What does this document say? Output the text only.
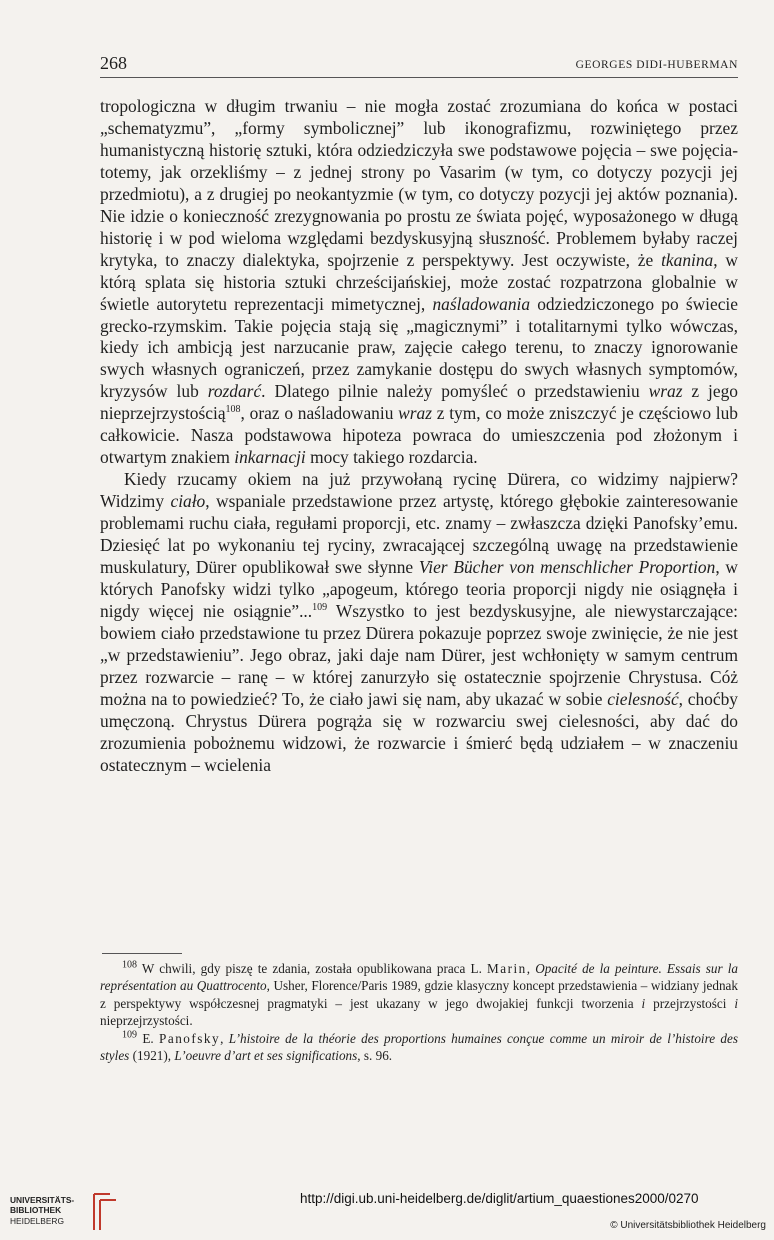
268	GEORGES DIDI-HUBERMAN

tropologiczna w długim trwaniu – nie mogła zostać zrozumiana do końca w postaci „schematyzmu”, „formy symbolicznej” lub ikonografizmu, rozwiniętego przez humanistyczną historię sztuki, która odziedziczyła swe podstawowe pojęcia – swe pojęcia-totemy, jak orzekliśmy – z jednej strony po Vasarim (w tym, co dotyczy pozycji jej przedmiotu), a z drugiej po neokantyzmie (w tym, co dotyczy pozycji jej aktów poznania). Nie idzie o konieczność zrezygnowania po prostu ze świata pojęć, wyposażonego w długą historię i w pod wieloma względami bezdyskusyjną słuszność. Problemem byłaby raczej krytyka, to znaczy dialektyka, spojrzenie z perspektywy. Jest oczywiste, że tkanina, w którą splata się historia sztuki chrześcijańskiej, może zostać rozpatrzona globalnie w świetle autorytetu reprezentacji mimetycznej, naśladowania odziedziczonego po świecie grecko-rzymskim. Takie pojęcia stają się „magicznymi” i totalitarnymi tylko wówczas, kiedy ich ambicją jest narzucanie praw, zajęcie całego terenu, to znaczy ignorowanie swych własnych ograniczeń, przez zamykanie dostępu do swych własnych symptomów, kryzysów lub rozdarć. Dlatego pilnie należy pomyśleć o przedstawieniu wraz z jego nieprzejrzystością$^{108}$, oraz o naśladowaniu wraz z tym, co może zniszczyć je częściowo lub całkowicie. Nasza podstawowa hipoteza powraca do umieszczenia pod złożonym i otwartym znakiem inkarnacji mocy takiego rozdarcia.

Kiedy rzucamy okiem na już przywołaną rycinę Dürera, co widzimy najpierw? Widzimy ciało, wspaniale przedstawione przez artystę, którego głębokie zainteresowanie problemami ruchu ciała, regułami proporcji, etc. znamy – zwłaszcza dzięki Panofsky’emu. Dziesięć lat po wykonaniu tej ryciny, zwracającej szczególną uwagę na przedstawienie muskulatury, Dürer opublikował swe słynne Vier Bücher von menschlicher Proportion, w których Panofsky widzi tylko „apogeum, którego teoria proporcji nigdy nie osiągnęła i nigdy więcej nie osiągnie”...$^{109}$ Wszystko to jest bezdyskusyjne, ale niewystarczające: bowiem ciało przedstawione tu przez Dürera pokazuje poprzez swoje zwinięcie, że nie jest „w przedstawieniu”. Jego obraz, jaki daje nam Dürer, jest wchłonięty w samym centrum przez rozwarcie – ranę – w której zanurzyło się ostatecznie spojrzenie Chrystusa. Cóż można na to powiedzieć? To, że ciało jawi się nam, aby ukazać w sobie cielesność, choćby umęczoną. Chrystus Dürera pogrąża się w rozwarciu swej cielesności, aby dać do zrozumienia pobożnemu widzowi, że rozwarcie i śmierć będą udziałem – w znaczeniu ostatecznym – wcielenia

$^{108}$ W chwili, gdy piszę te zdania, została opublikowana praca L. Marin, Opacité de la peinture. Essais sur la représentation au Quattrocento, Usher, Florence/Paris 1989, gdzie klasyczny koncept przedstawienia – widziany jednak z perspektywy współczesnej pragmatyki – jest ukazany w jego dwojakiej funkcji tworzenia i przejrzystości i nieprzejrzystości.

$^{109}$ E. Panofsky, L’histoire de la théorie des proportions humaines conçue comme un miroir de l’histoire des styles (1921), L’oeuvre d’art et ses significations, s. 96.

UNIVERSITÄTS-
BIBLIOTHEK
HEIDELBERG
http://digi.ub.uni-heidelberg.de/diglit/artium_quaestiones2000/0270
© Universitätsbibliothek Heidelberg
